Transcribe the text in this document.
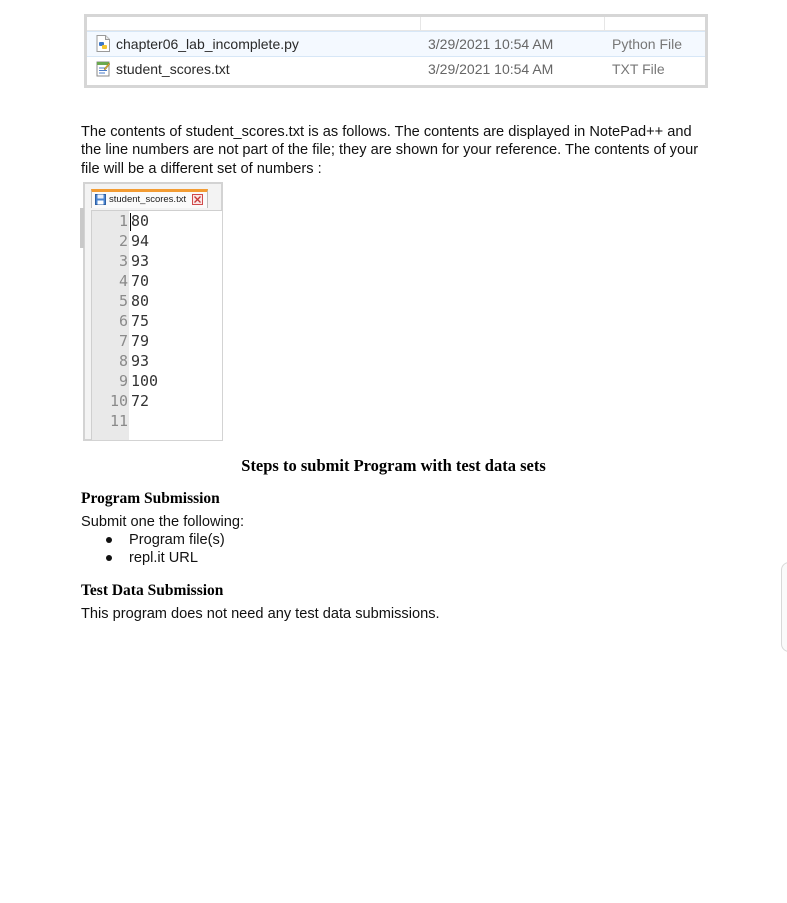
chapter06_lab_incomplete.py	3/29/2021 10:54 AM	Python File
student_scores.txt	3/29/2021 10:54 AM	TXT File

The contents of student_scores.txt is as follows. The contents are displayed in NotePad++ and the line numbers are not part of the file; they are shown for your reference. The contents of your file will be a different set of numbers :

student_scores.txt
1 80
2 94
3 93
4 70
5 80
6 75
7 79
8 93
9 100
10 72
11
Steps to submit Program with test data sets
Program Submission
Submit one the following:
Program file(s)
repl.it URL
Test Data Submission
This program does not need any test data submissions.
